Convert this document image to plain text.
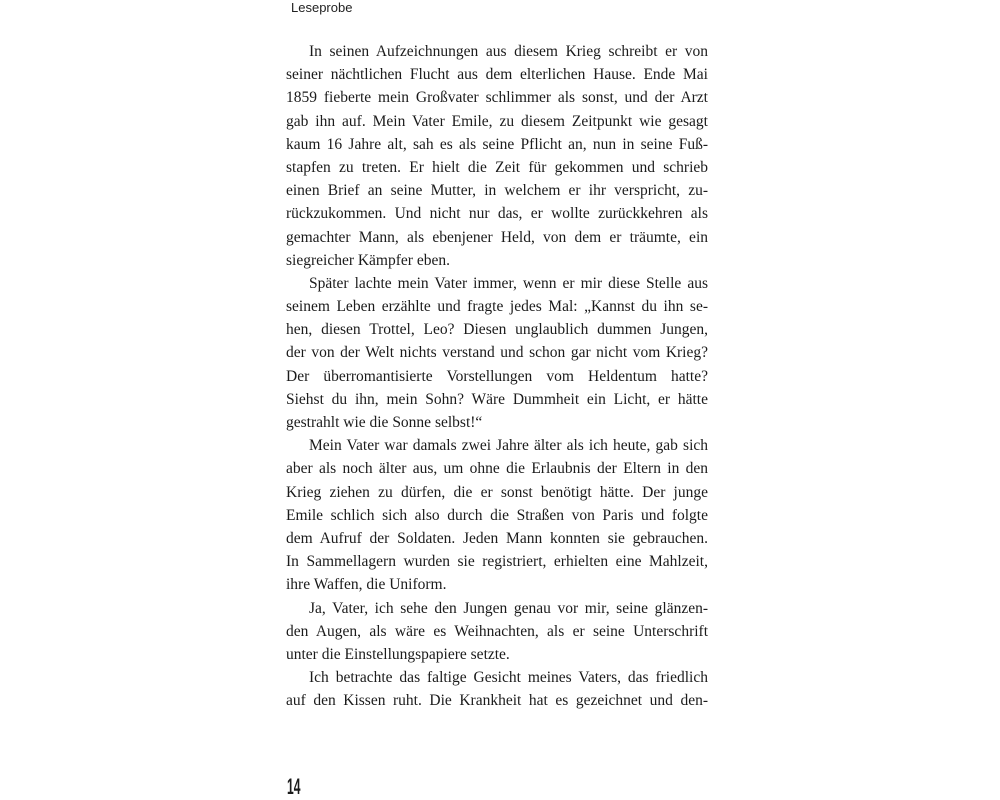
Leseprobe
In seinen Aufzeichnungen aus diesem Krieg schreibt er von
seiner nächtlichen Flucht aus dem elterlichen Hause. Ende Mai
1859 fieberte mein Großvater schlimmer als sonst, und der Arzt
gab ihn auf. Mein Vater Emile, zu diesem Zeitpunkt wie gesagt
kaum 16 Jahre alt, sah es als seine Pflicht an, nun in seine Fuß-
stapfen zu treten. Er hielt die Zeit für gekommen und schrieb
einen Brief an seine Mutter, in welchem er ihr verspricht, zu-
rückzukommen. Und nicht nur das, er wollte zurückkehren als
gemachter Mann, als ebenjener Held, von dem er träumte, ein
siegreicher Kämpfer eben.
Später lachte mein Vater immer, wenn er mir diese Stelle aus
seinem Leben erzählte und fragte jedes Mal: „Kannst du ihn se-
hen, diesen Trottel, Leo? Diesen unglaublich dummen Jungen,
der von der Welt nichts verstand und schon gar nicht vom Krieg?
Der überromantisierte Vorstellungen vom Heldentum hatte?
Siehst du ihn, mein Sohn? Wäre Dummheit ein Licht, er hätte
gestrahlt wie die Sonne selbst!“
Mein Vater war damals zwei Jahre älter als ich heute, gab sich
aber als noch älter aus, um ohne die Erlaubnis der Eltern in den
Krieg ziehen zu dürfen, die er sonst benötigt hätte. Der junge
Emile schlich sich also durch die Straßen von Paris und folgte
dem Aufruf der Soldaten. Jeden Mann konnten sie gebrauchen.
In Sammellagern wurden sie registriert, erhielten eine Mahlzeit,
ihre Waffen, die Uniform.
Ja, Vater, ich sehe den Jungen genau vor mir, seine glänzen-
den Augen, als wäre es Weihnachten, als er seine Unterschrift
unter die Einstellungspapiere setzte.
Ich betrachte das faltige Gesicht meines Vaters, das friedlich
auf den Kissen ruht. Die Krankheit hat es gezeichnet und den-
14
